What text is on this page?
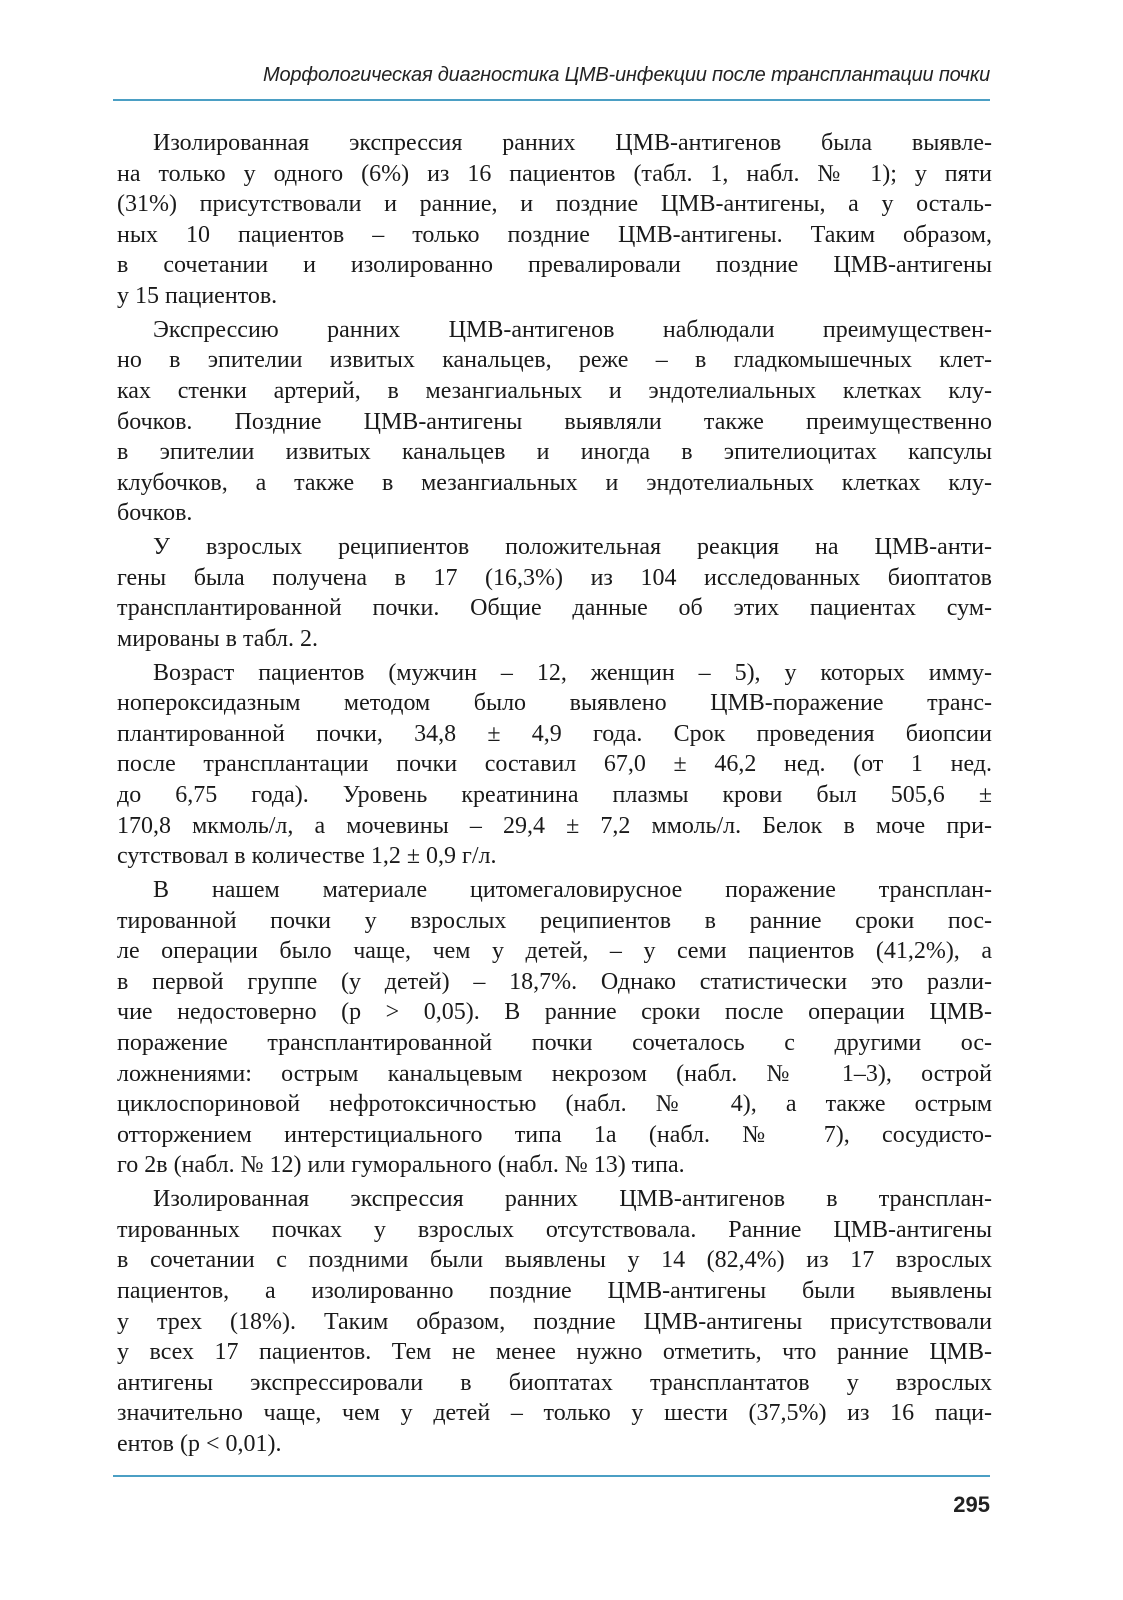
Морфологическая диагностика ЦМВ-инфекции после трансплантации почки
Изолированная экспрессия ранних ЦМВ-антигенов была выявле-
на только у одного (6%) из 16 пациентов (табл. 1, набл. № 1); у пяти
(31%) присутствовали и ранние, и поздние ЦМВ-антигены, а у осталь-
ных 10 пациентов – только поздние ЦМВ-антигены. Таким образом,
в сочетании и изолированно превалировали поздние ЦМВ-антигены
у 15 пациентов.
Экспрессию ранних ЦМВ-антигенов наблюдали преимуществен-
но в эпителии извитых канальцев, реже – в гладкомышечных клет-
ках стенки артерий, в мезангиальных и эндотелиальных клетках клу-
бочков. Поздние ЦМВ-антигены выявляли также преимущественно
в эпителии извитых канальцев и иногда в эпителиоцитах капсулы
клубочков, а также в мезангиальных и эндотелиальных клетках клу-
бочков.
У взрослых реципиентов положительная реакция на ЦМВ-анти-
гены была получена в 17 (16,3%) из 104 исследованных биоптатов
трансплантированной почки. Общие данные об этих пациентах сум-
мированы в табл. 2.
Возраст пациентов (мужчин – 12, женщин – 5), у которых имму-
нопероксидазным методом было выявлено ЦМВ-поражение транс-
плантированной почки, 34,8 ± 4,9 года. Срок проведения биопсии
после трансплантации почки составил 67,0 ± 46,2 нед. (от 1 нед.
до 6,75 года). Уровень креатинина плазмы крови был 505,6 ±
170,8 мкмоль/л, а мочевины – 29,4 ± 7,2 ммоль/л. Белок в моче при-
сутствовал в количестве 1,2 ± 0,9 г/л.
В нашем материале цитомегаловирусное поражение трансплан-
тированной почки у взрослых реципиентов в ранние сроки пос-
ле операции было чаще, чем у детей, – у семи пациентов (41,2%), а
в первой группе (у детей) – 18,7%. Однако статистически это разли-
чие недостоверно (p > 0,05). В ранние сроки после операции ЦМВ-
поражение трансплантированной почки сочеталось с другими ос-
ложнениями: острым канальцевым некрозом (набл. № 1–3), острой
циклоспориновой нефротоксичностью (набл. № 4), а также острым
отторжением интерстициального типа 1а (набл. № 7), сосудисто-
го 2в (набл. № 12) или гуморального (набл. № 13) типа.
Изолированная экспрессия ранних ЦМВ-антигенов в трансплан-
тированных почках у взрослых отсутствовала. Ранние ЦМВ-антигены
в сочетании с поздними были выявлены у 14 (82,4%) из 17 взрослых
пациентов, а изолированно поздние ЦМВ-антигены были выявлены
у трех (18%). Таким образом, поздние ЦМВ-антигены присутствовали
у всех 17 пациентов. Тем не менее нужно отметить, что ранние ЦМВ-
антигены экспрессировали в биоптатах трансплантатов у взрослых
значительно чаще, чем у детей – только у шести (37,5%) из 16 паци-
ентов (p < 0,01).
295
